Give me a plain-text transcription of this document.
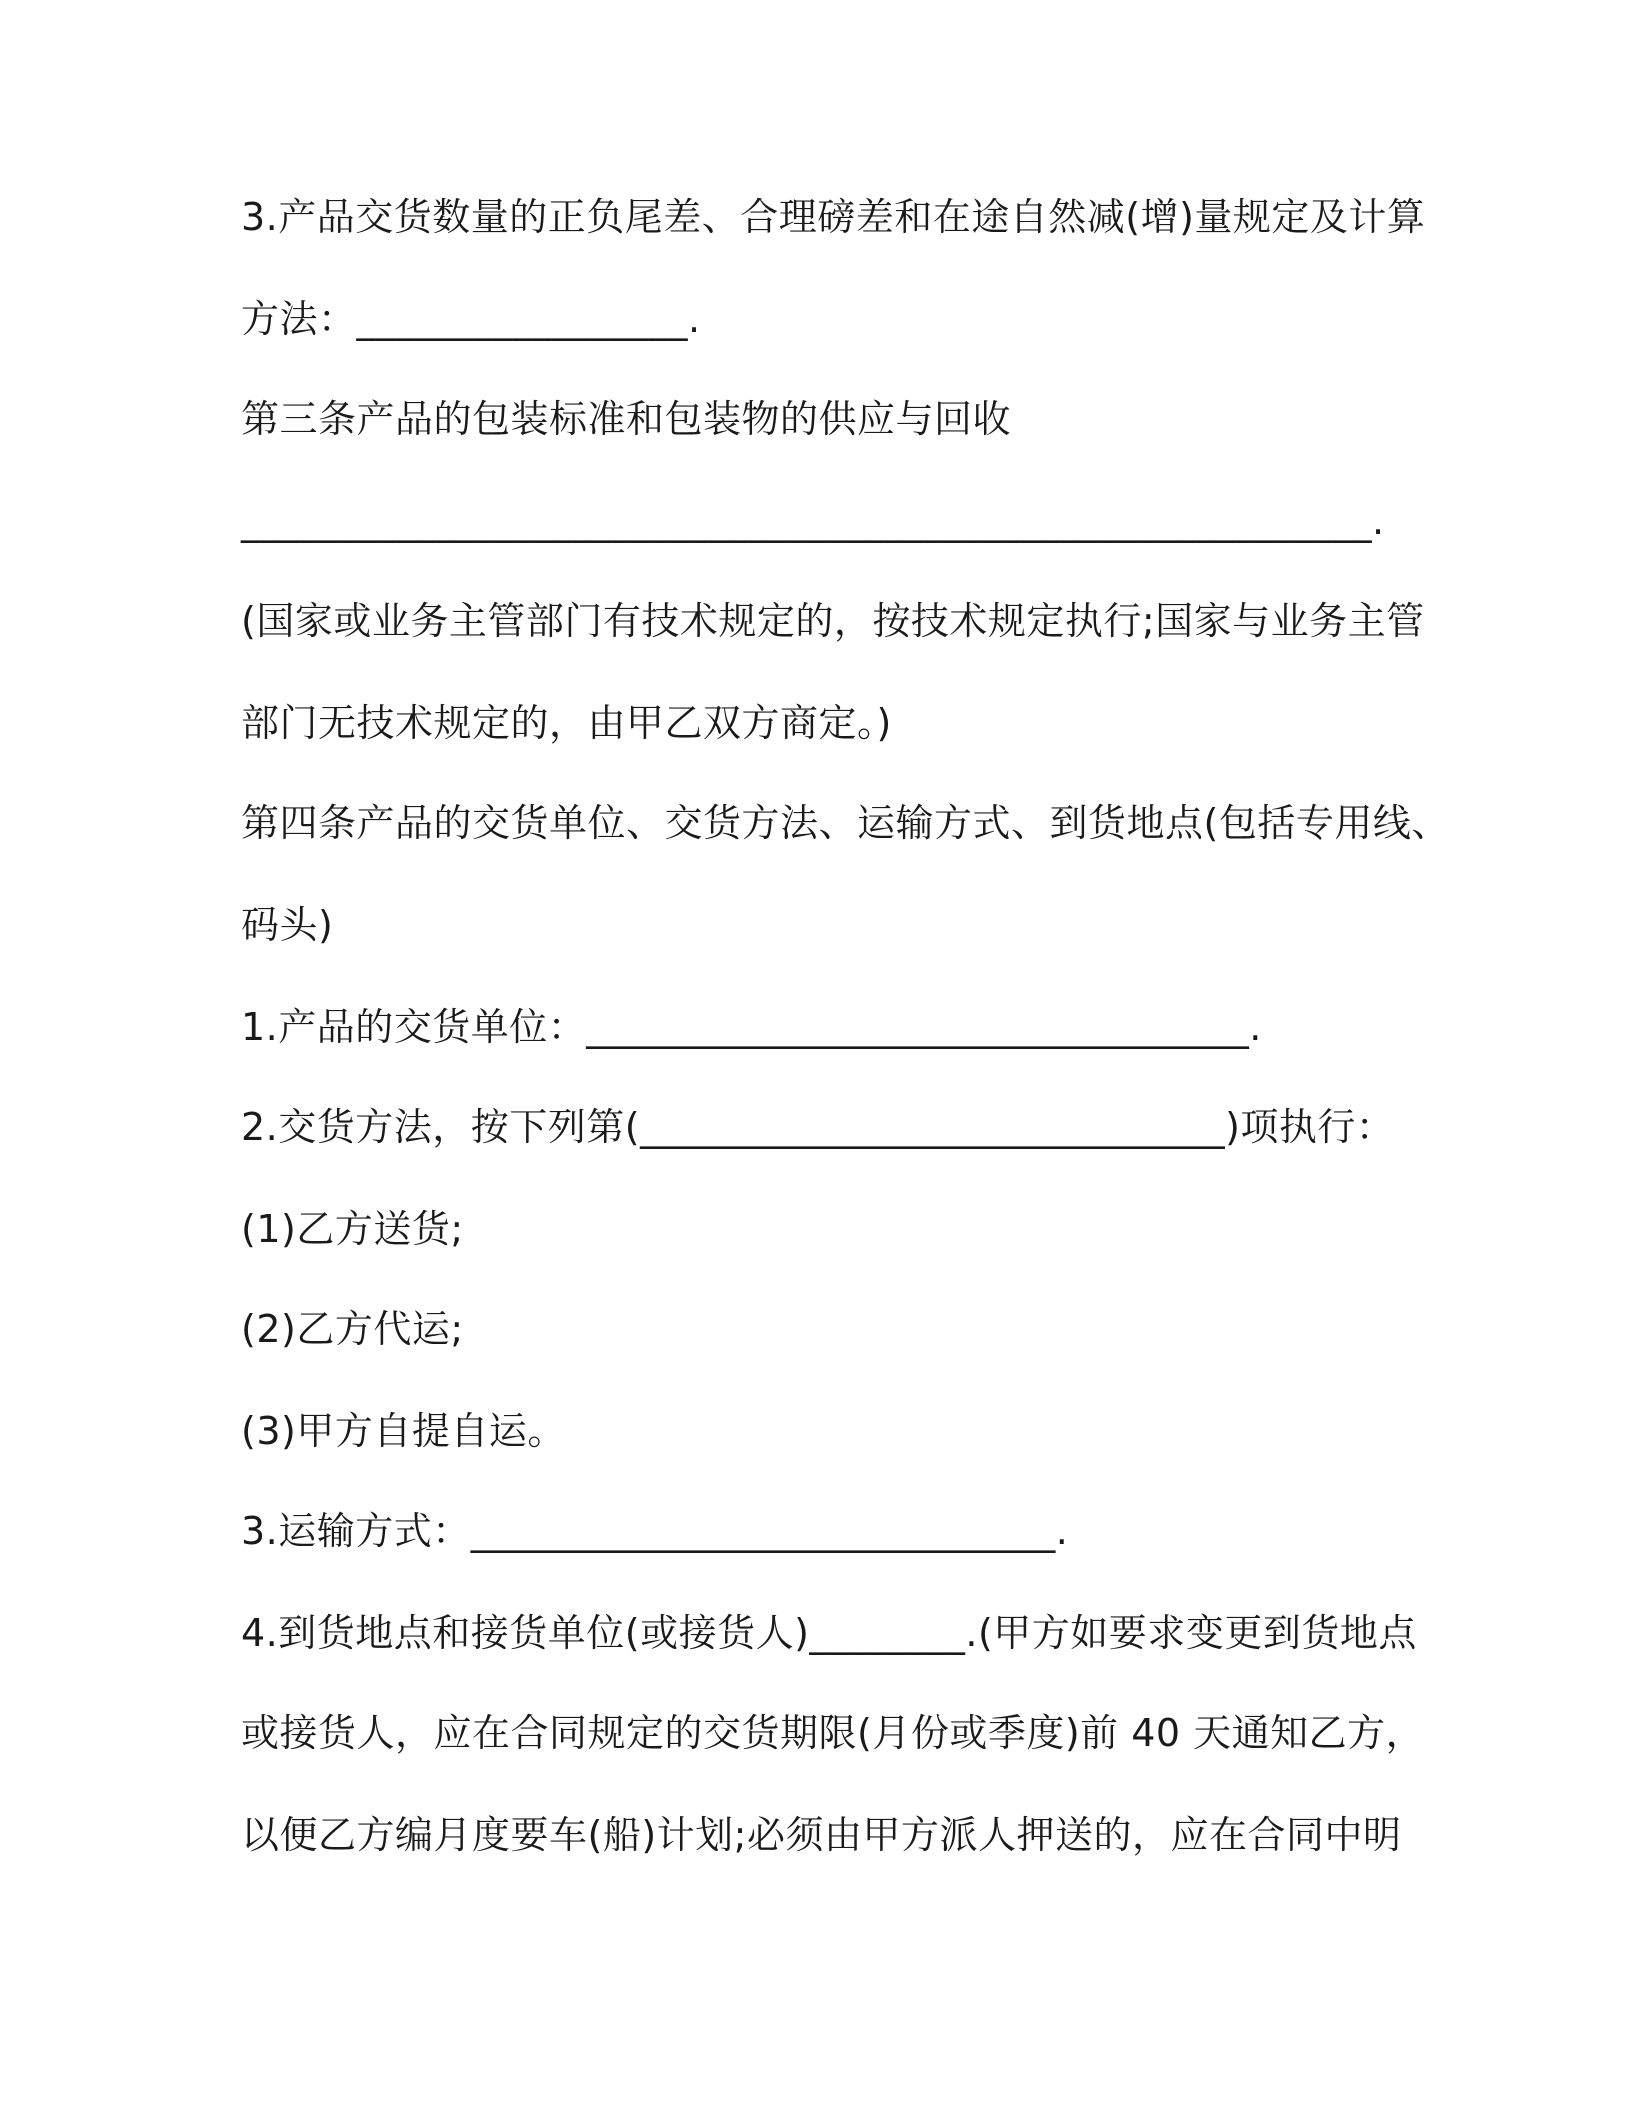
3.产品交货数量的正负尾差、合理磅差和在途自然减(增)量规定及计算

方法：_________________.

第三条产品的包装标准和包装物的供应与回收

__________________________________________________________.

(国家或业务主管部门有技术规定的，按技术规定执行;国家与业务主管

部门无技术规定的，由甲乙双方商定。)

第四条产品的交货单位、交货方法、运输方式、到货地点(包括专用线、

码头)

1.产品的交货单位：__________________________________.

2.交货方法，按下列第(______________________________)项执行：

(1)乙方送货;

(2)乙方代运;

(3)甲方自提自运。

3.运输方式：______________________________.

4.到货地点和接货单位(或接货人)________.(甲方如要求变更到货地点

或接货人，应在合同规定的交货期限(月份或季度)前 40 天通知乙方，

以便乙方编月度要车(船)计划;必须由甲方派人押送的，应在合同中明
